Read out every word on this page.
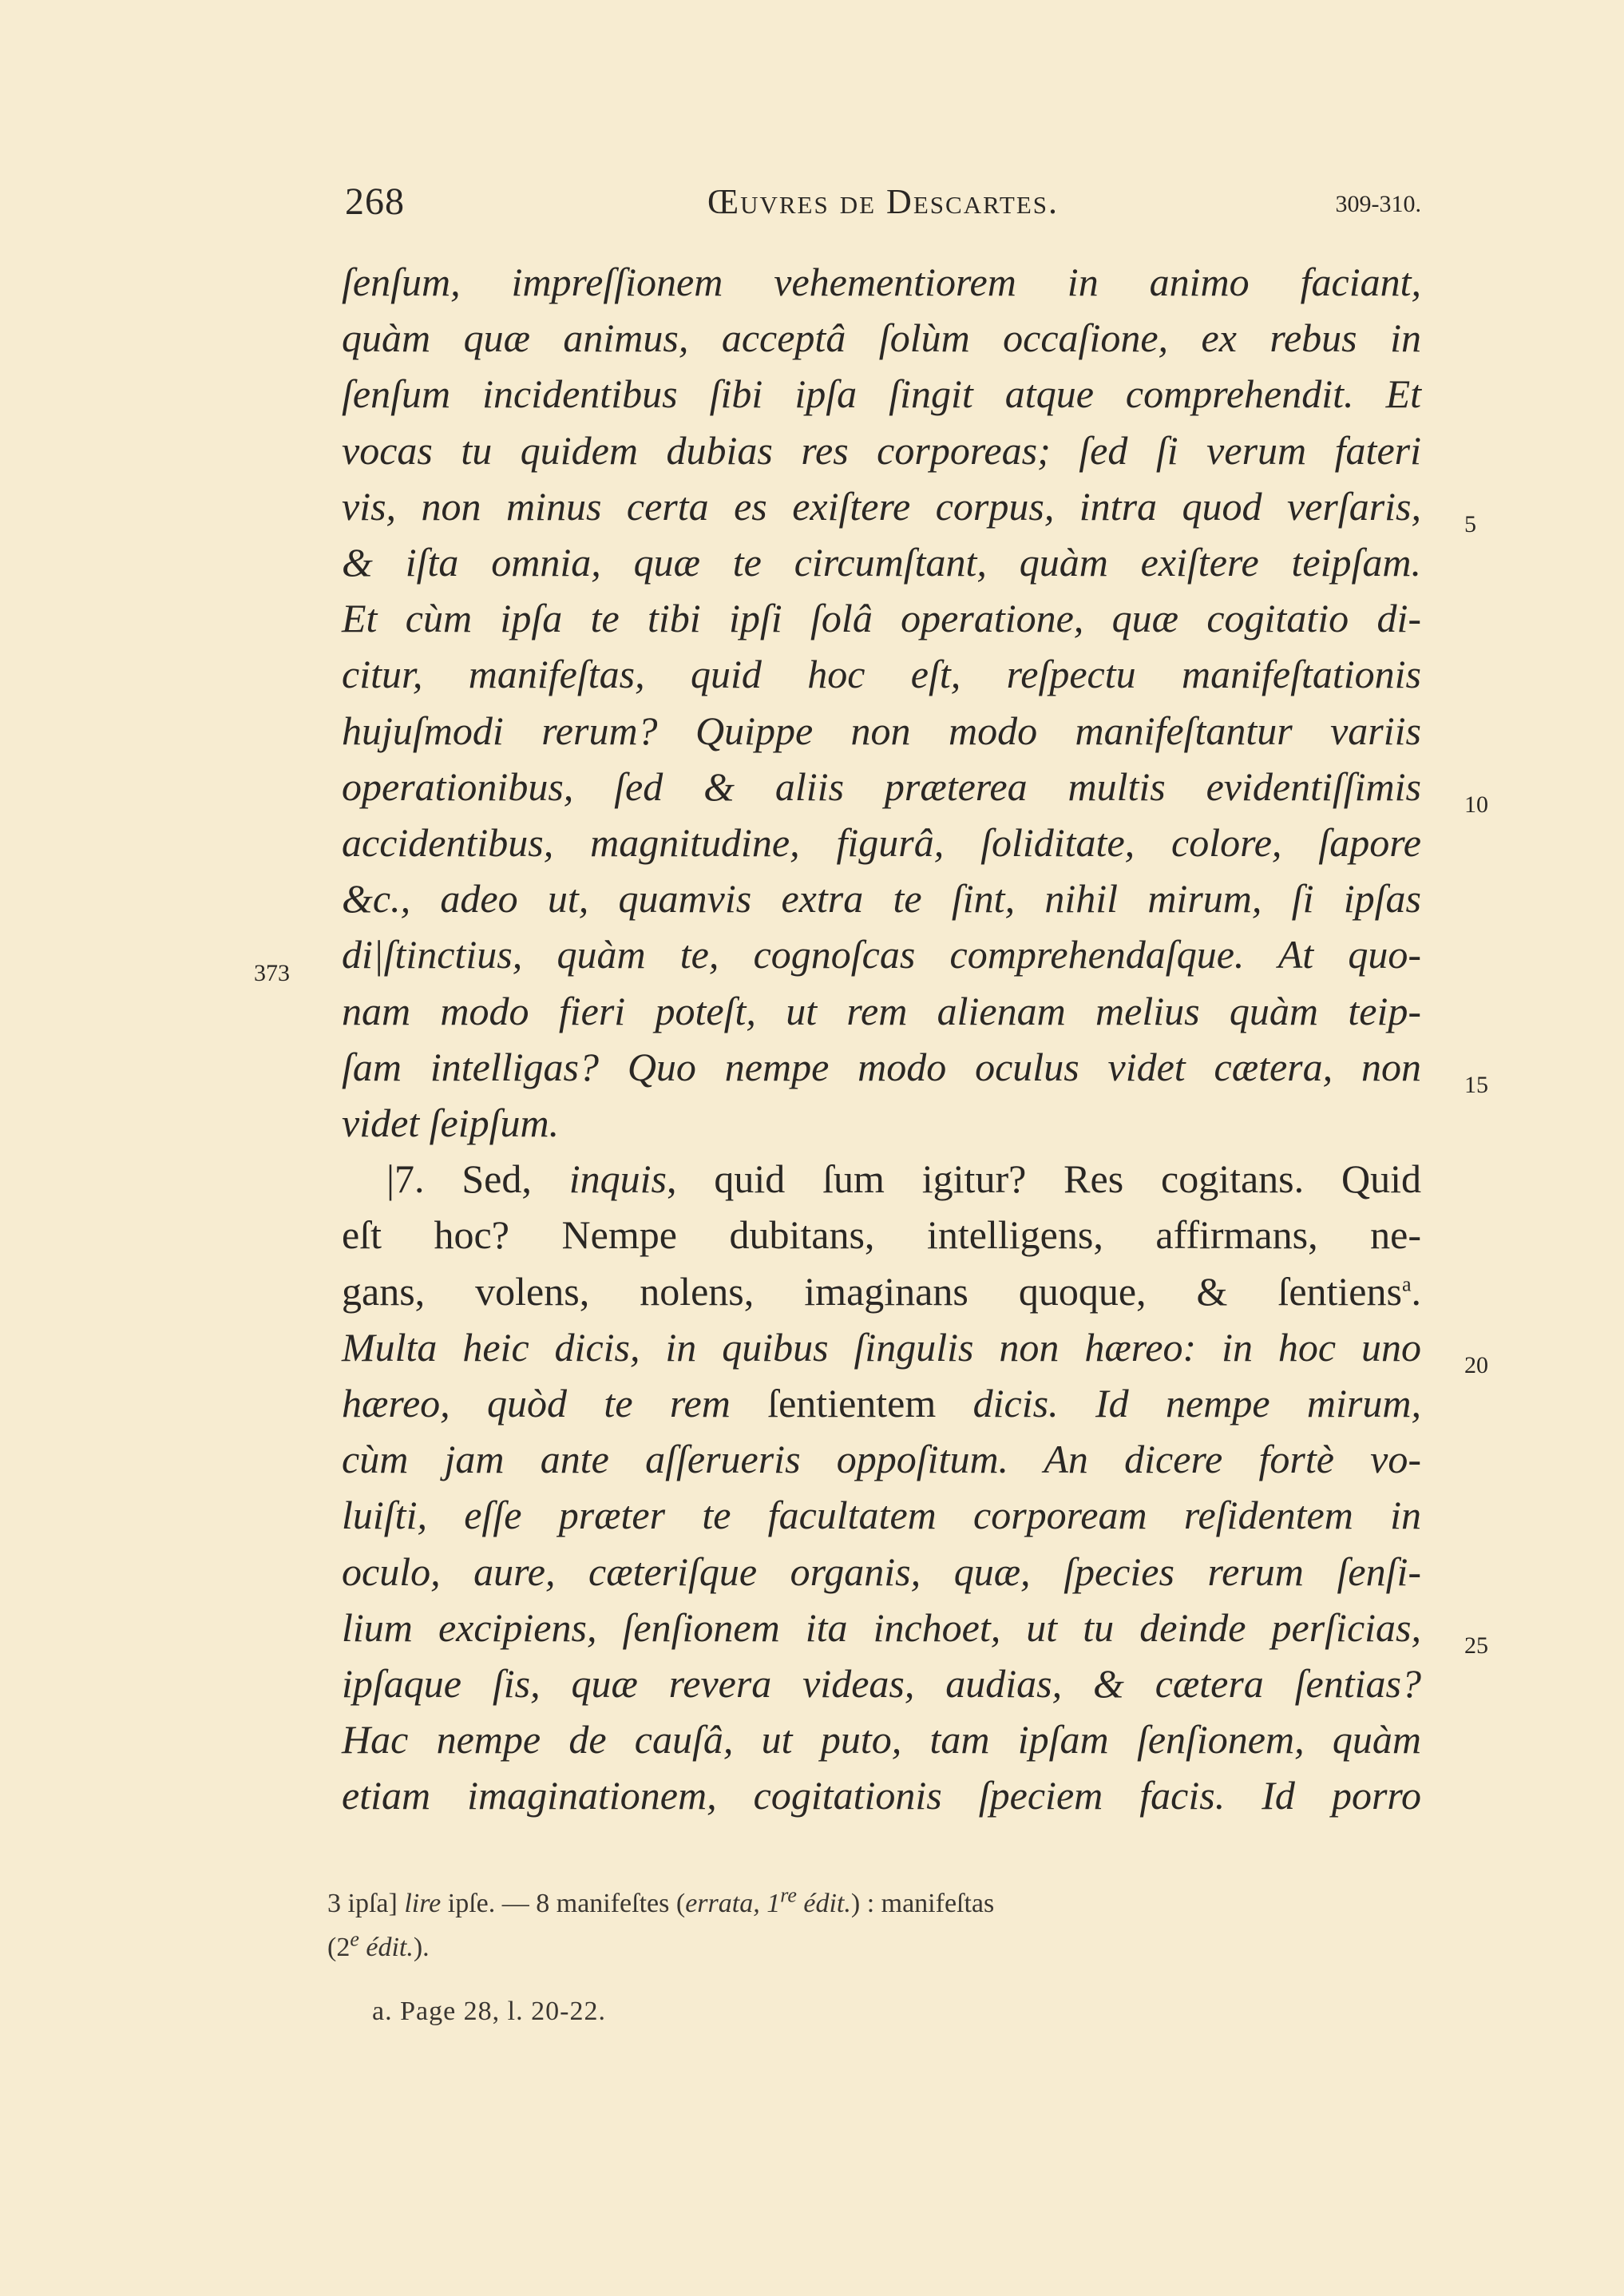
268	Œuvres de Descartes.	309-310.
ſenſum, impreſſionem vehementiorem in animo faciant,
quàm quæ animus, acceptâ ſolùm occaſione, ex rebus in
ſenſum incidentibus ſibi ipſa ſingit atque comprehendit. Et
vocas tu quidem dubias res corporeas; ſed ſi verum fateri
vis, non minus certa es exiſtere corpus, intra quod verſaris,
& iſta omnia, quæ te circumſtant, quàm exiſtere teipſam.
Et cùm ipſa te tibi ipſi ſolâ operatione, quæ cogitatio di-
citur, manifeſtas, quid hoc eſt, reſpectu manifeſtationis
hujuſmodi rerum? Quippe non modo manifeſtantur variis
operationibus, ſed & aliis præterea multis evidentiſſimis
accidentibus, magnitudine, figurâ, ſoliditate, colore, ſapore
&c., adeo ut, quamvis extra te ſint, nihil mirum, ſi ipſas
di|ſtinctius, quàm te, cognoſcas comprehendaſque. At quo-
nam modo fieri poteſt, ut rem alienam melius quàm teip-
ſam intelligas? Quo nempe modo oculus videt cætera, non
videt ſeipſum.
|7. Sed, inquis, quid ſum igitur? Res cogitans. Quid
eſt hoc? Nempe dubitans, intelligens, affirmans, ne-
gans, volens, nolens, imaginans quoque, & ſentiens$^a$.
Multa heic dicis, in quibus ſingulis non hæreo: in hoc uno
hæreo, quòd te rem ſentientem dicis. Id nempe mirum,
cùm jam ante aſſerueris oppoſitum. An dicere fortè vo-
luiſti, eſſe præter te facultatem corpoream reſidentem in
oculo, aure, cæteriſque organis, quæ, ſpecies rerum ſenſi-
lium excipiens, ſenſionem ita inchoet, ut tu deinde perſicias,
ipſaque ſis, quæ revera videas, audias, & cætera ſentias?
Hac nempe de cauſâ, ut puto, tam ipſam ſenſionem, quàm
etiam imaginationem, cogitationis ſpeciem facis. Id porro
5
10
15
20
25
373
3 ipſa] lire ipſe. — 8 manifeſtes (errata, 1re édit.) : manifeſtas
(2e édit.).
a. Page 28, l. 20-22.
